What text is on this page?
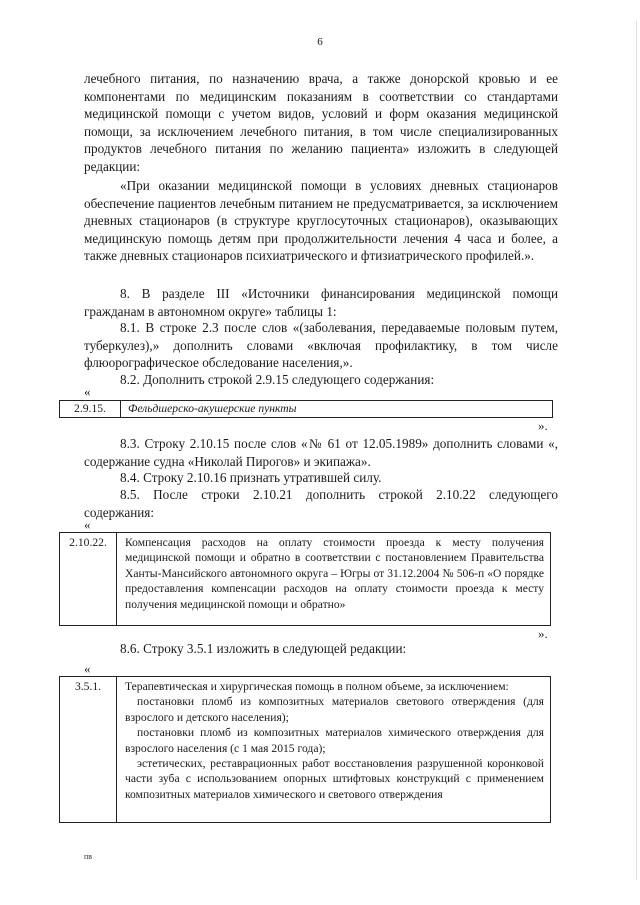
6

лечебного питания, по назначению врача, а также донорской кровью и ее компонентами по медицинским показаниям в соответствии со стандартами медицинской помощи с учетом видов, условий и форм оказания медицинской помощи, за исключением лечебного питания, в том числе специализированных продуктов лечебного питания по желанию пациента» изложить в следующей редакции:

«При оказании медицинской помощи в условиях дневных стационаров обеспечение пациентов лечебным питанием не предусматривается, за исключением дневных стационаров (в структуре круглосуточных стационаров), оказывающих медицинскую помощь детям при продолжительности лечения 4 часа и более, а также дневных стационаров психиатрического и фтизиатрического профилей.».

8. В разделе III «Источники финансирования медицинской помощи гражданам в автономном округе» таблицы 1:

8.1. В строке 2.3 после слов «(заболевания, передаваемые половым путем, туберкулез),» дополнить словами «включая профилактику, в том числе флюорографическое обследование населения,».

8.2. Дополнить строкой 2.9.15 следующего содержания:

«
2.9.15.	Фельдшерско-акушерские пункты
».

8.3. Строку 2.10.15 после слов «№ 61 от 12.05.1989» дополнить словами «, содержание судна «Николай Пирогов» и экипажа».

8.4. Строку 2.10.16 признать утратившей силу.

8.5. После строки 2.10.21 дополнить строкой 2.10.22 следующего содержания:

«
2.10.22.	Компенсация расходов на оплату стоимости проезда к месту получения медицинской помощи и обратно в соответствии с постановлением Правительства Ханты-Мансийского автономного округа – Югры от 31.12.2004 № 506-п «О порядке предоставления компенсации расходов на оплату стоимости проезда к месту получения медицинской помощи и обратно»

».

8.6. Строку 3.5.1 изложить в следующей редакции:

«
3.5.1.	Терапевтическая и хирургическая помощь в полном объеме, за исключением:

постановки пломб из композитных материалов светового отверждения (для взрослого и детского населения);

постановки пломб из композитных материалов химического отверждения для взрослого населения (с 1 мая 2015 года);

эстетических, реставрационных работ восстановления разрушенной коронковой части зуба с использованием опорных штифтовых конструкций с применением композитных материалов химического и светового отверждения

пв
